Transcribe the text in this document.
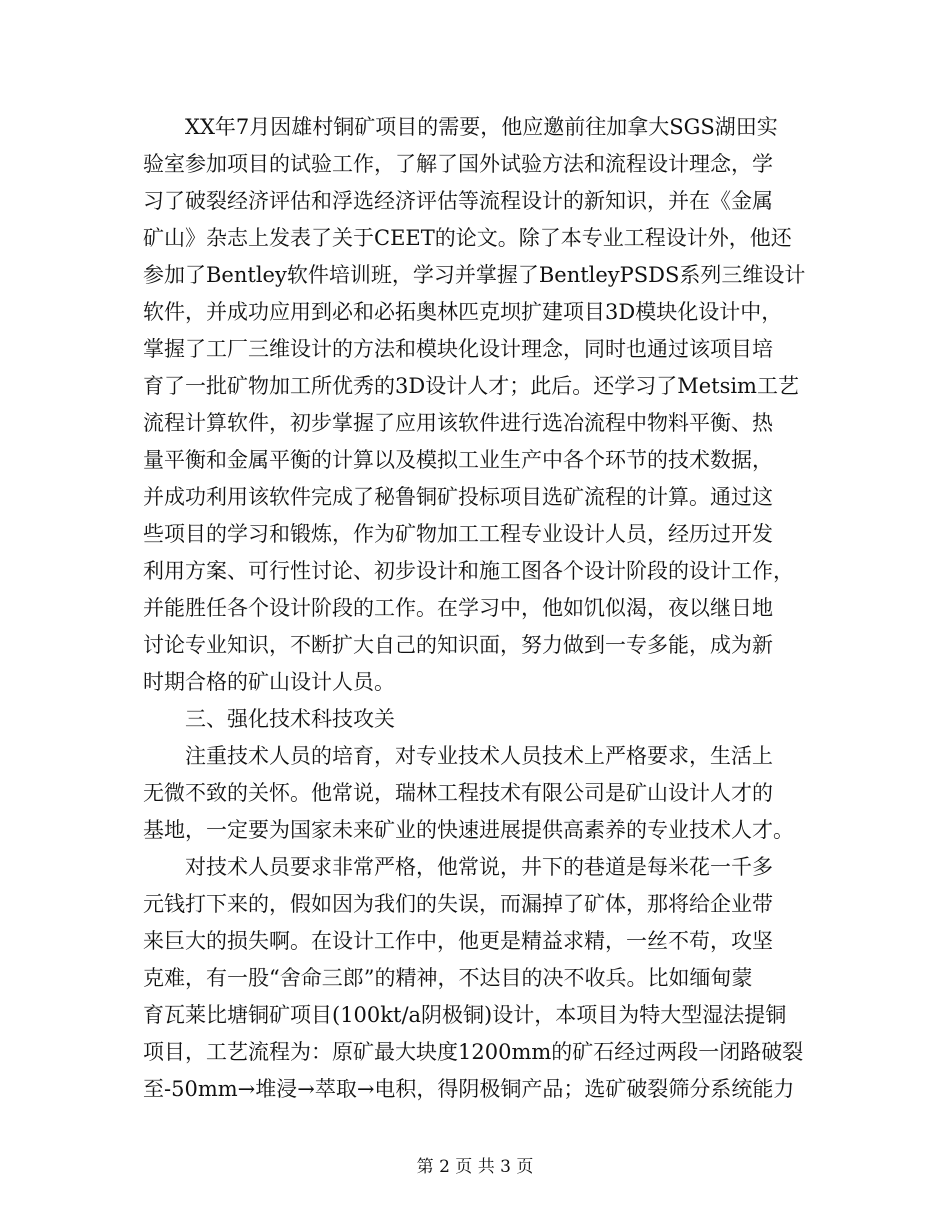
XX年7月因雄村铜矿项目的需要，他应邀前往加拿大SGS湖田实
验室参加项目的试验工作，了解了国外试验方法和流程设计理念，学
习了破裂经济评估和浮选经济评估等流程设计的新知识，并在《金属
矿山》杂志上发表了关于CEET的论文。除了本专业工程设计外，他还
参加了Bentley软件培训班，学习并掌握了BentleyPSDS系列三维设计
软件，并成功应用到必和必拓奥林匹克坝扩建项目3D模块化设计中，
掌握了工厂三维设计的方法和模块化设计理念，同时也通过该项目培
育了一批矿物加工所优秀的3D设计人才；此后。还学习了Metsim工艺
流程计算软件，初步掌握了应用该软件进行选冶流程中物料平衡、热
量平衡和金属平衡的计算以及模拟工业生产中各个环节的技术数据，
并成功利用该软件完成了秘鲁铜矿投标项目选矿流程的计算。通过这
些项目的学习和锻炼，作为矿物加工工程专业设计人员，经历过开发
利用方案、可行性讨论、初步设计和施工图各个设计阶段的设计工作，
并能胜任各个设计阶段的工作。在学习中，他如饥似渴，夜以继日地
讨论专业知识，不断扩大自己的知识面，努力做到一专多能，成为新
时期合格的矿山设计人员。
三、强化技术科技攻关
注重技术人员的培育，对专业技术人员技术上严格要求，生活上
无微不致的关怀。他常说，瑞林工程技术有限公司是矿山设计人才的
基地，一定要为国家未来矿业的快速进展提供高素养的专业技术人才。
对技术人员要求非常严格，他常说，井下的巷道是每米花一千多
元钱打下来的，假如因为我们的失误，而漏掉了矿体，那将给企业带
来巨大的损失啊。在设计工作中，他更是精益求精，一丝不苟，攻坚
克难，有一股“舍命三郎”的精神，不达目的决不收兵。比如缅甸蒙
育瓦莱比塘铜矿项目(100kt/a阴极铜)设计，本项目为特大型湿法提铜
项目，工艺流程为：原矿最大块度1200mm的矿石经过两段一闭路破裂
至-50mm→堆浸→萃取→电积，得阴极铜产品；选矿破裂筛分系统能力
第 2 页 共 3 页
